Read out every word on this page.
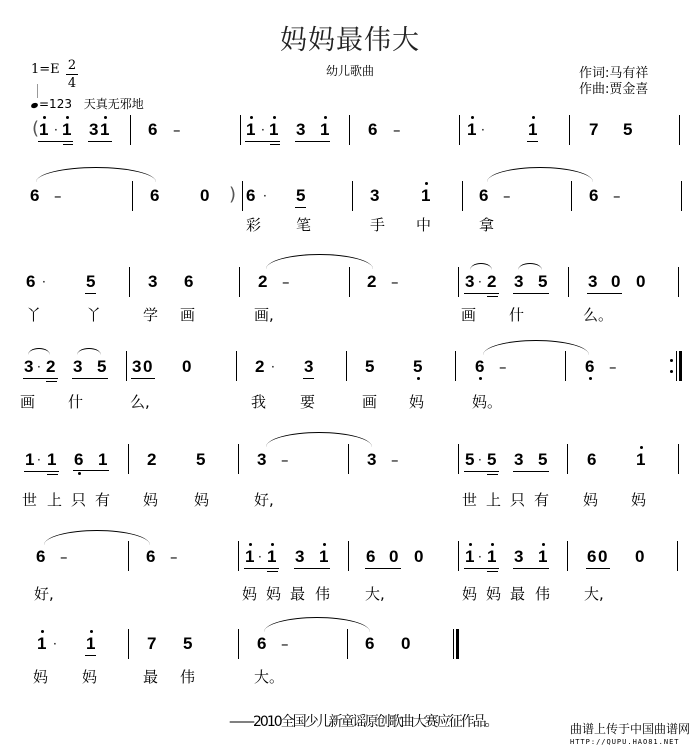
妈妈最伟大
幼儿歌曲	作词:马有祥
作曲:贾金喜
1=E 2
4
=123 天真无邪地
( 1 · 1 3 1 6 –	1 · 1 3 1 6 –	1 ·	1	7 5
6 –	6 0 ) 6 · 5	3 1	6 –	6 –
彩 笔	手 中	拿
6 · 5	3 6	2 –	2 –	3 · 2 3 5 3 0 0
丫	丫	学 画	画,	画 什	么。
3 · 2 3 5 3 0 0	2 · 3	5 5	6 –	6 –
画 什	么,	我 要	画 妈	妈。
1 · 1 6 1 2 5	3 –	3 –	5 · 5 3 5 6 1
世 上 只 有 妈 妈	好,	世 上 只 有 妈 妈
6 –	6 –	1 · 1 3 1 6 0 0 1 · 1 3 1 6 0 0
好,	妈 妈 最 伟 大,	妈 妈 最 伟 大,
1 · 1	7 5	6 –	6 0
妈 妈	最 伟	大。
——2010全国少儿新童谣原创歌曲大赛应征作品。	曲谱上传于中国曲谱网
HTTP://QUPU.HAO81.NET
